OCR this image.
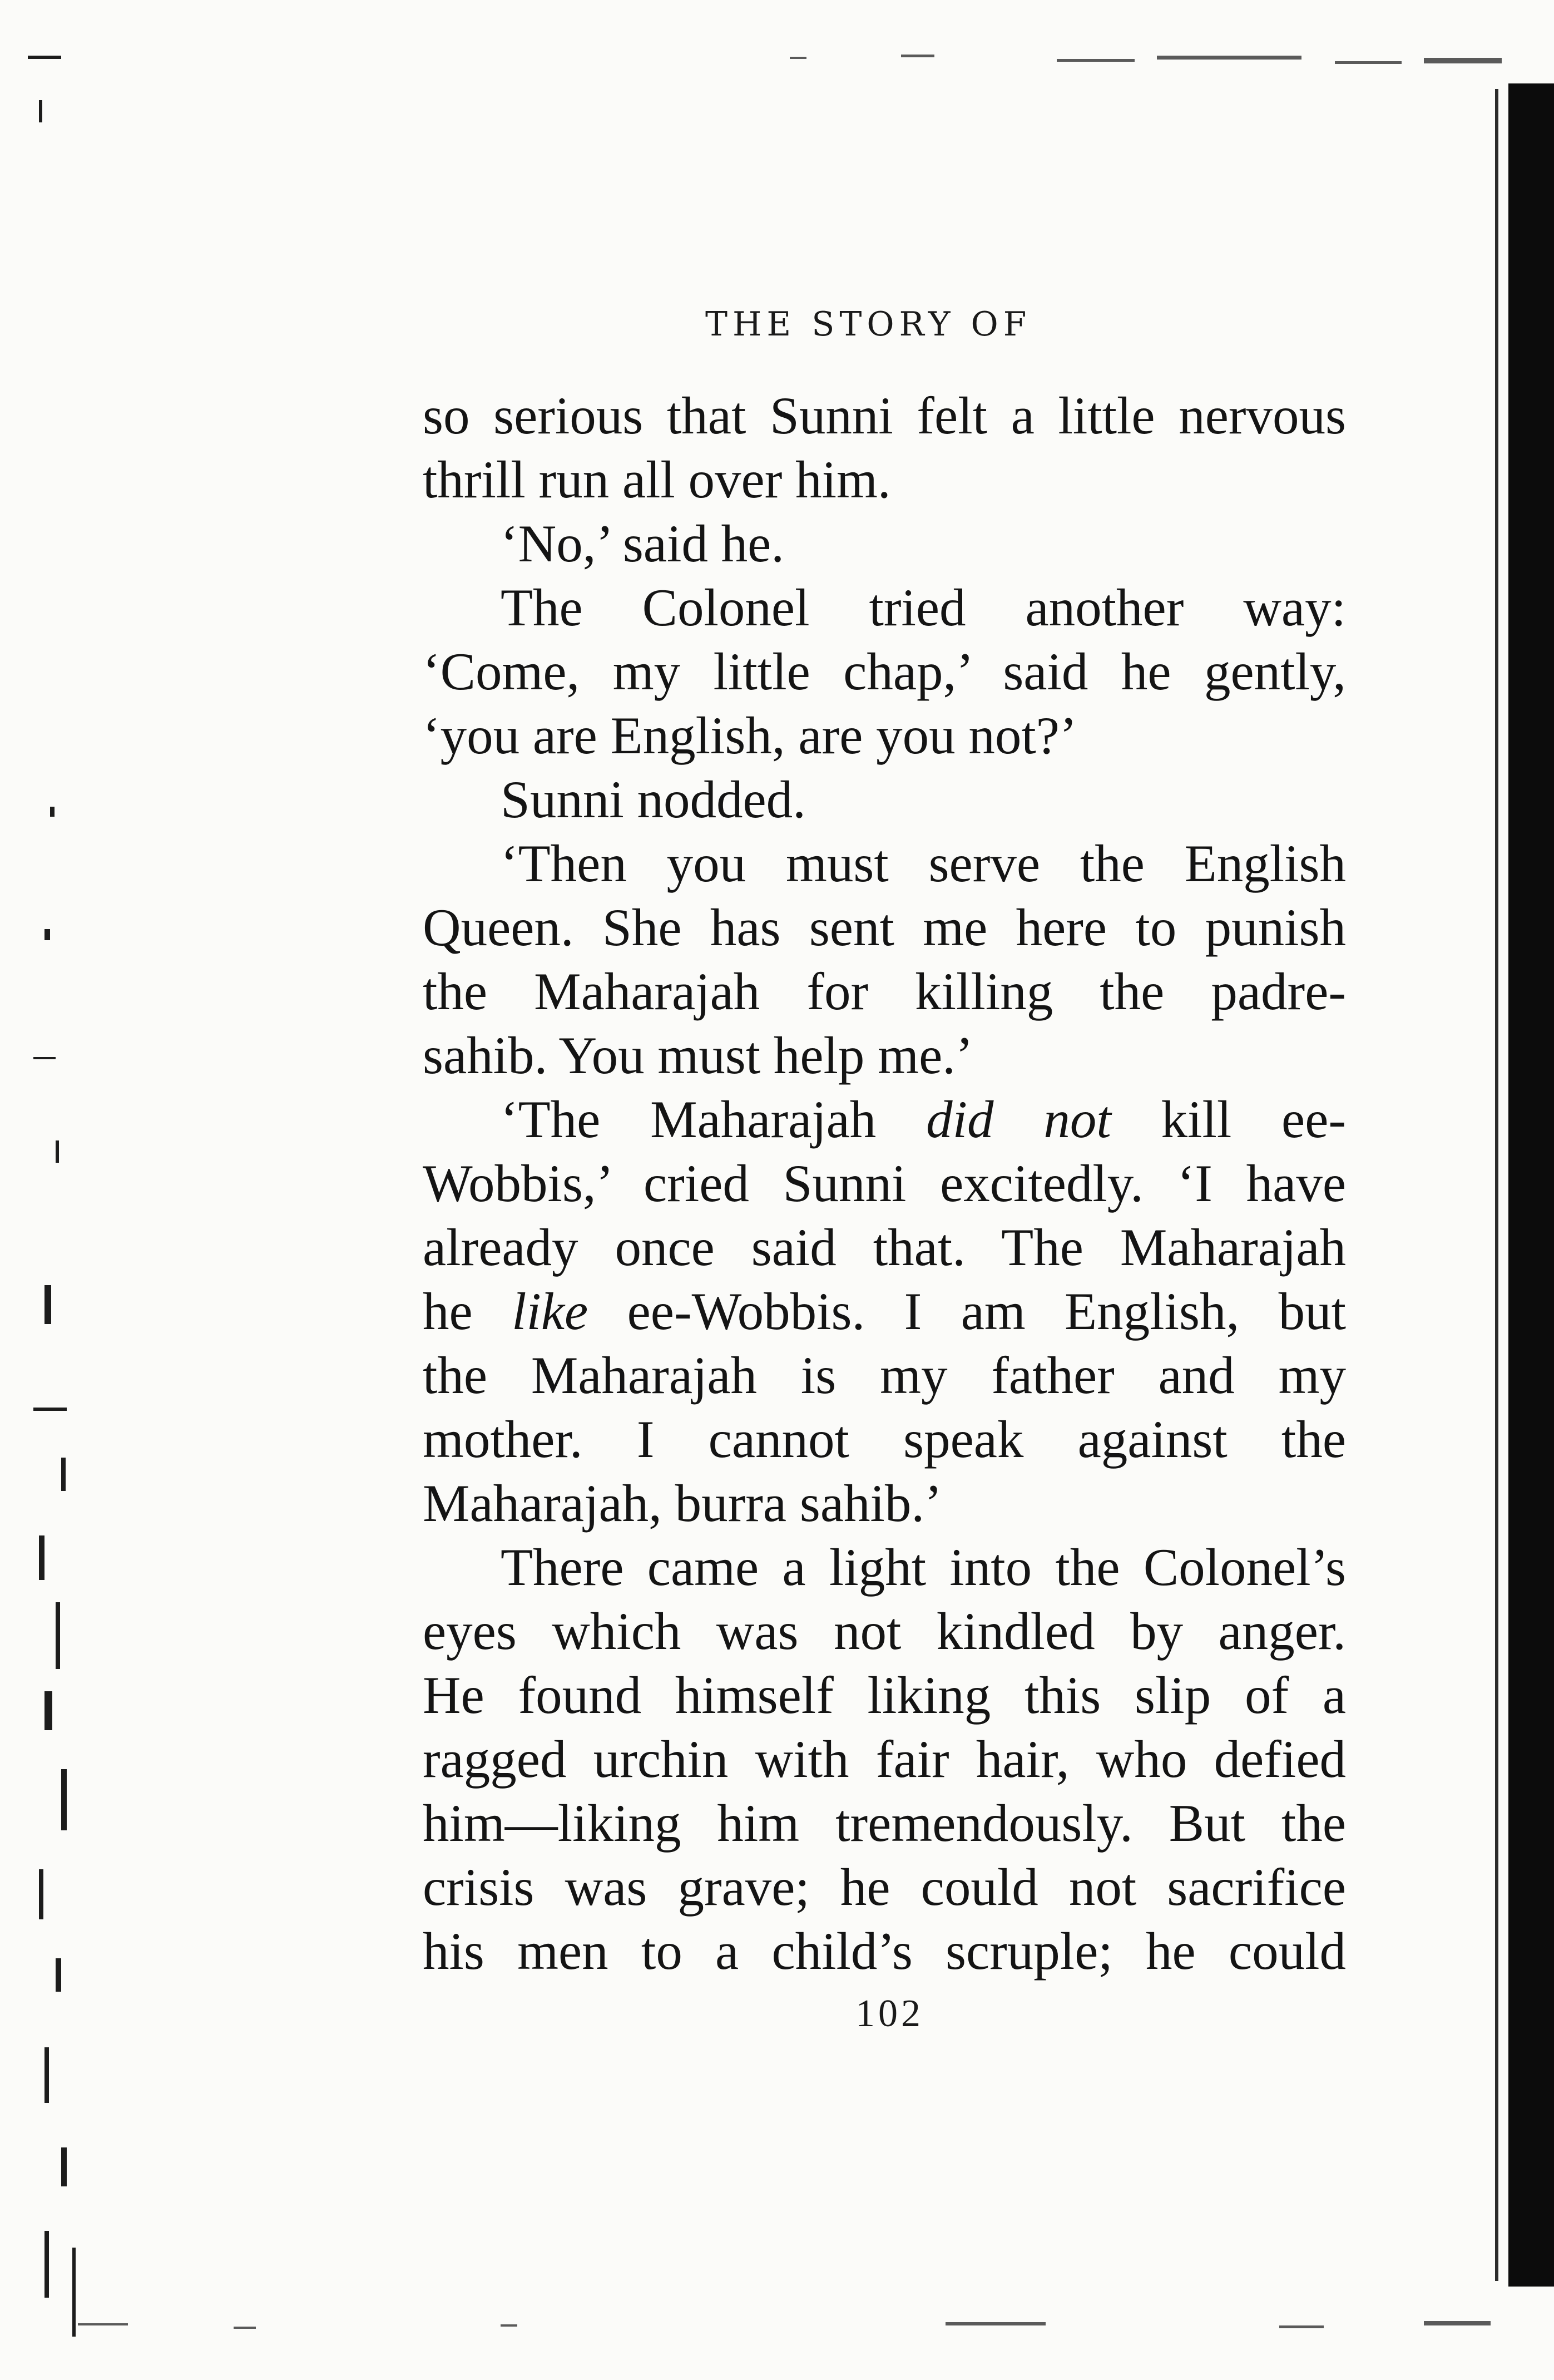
THE STORY OF
so serious that Sunni felt a little nervous
thrill run all over him.
‘No,’ said he.
The Colonel tried another way:
‘Come, my little chap,’ said he gently,
‘you are English, are you not?’
Sunni nodded.
‘Then you must serve the English
Queen. She has sent me here to punish
the Maharajah for killing the padre-
sahib. You must help me.’
‘The Maharajah did not kill ee-
Wobbis,’ cried Sunni excitedly. ‘I have
already once said that. The Maharajah
he like ee-Wobbis. I am English, but
the Maharajah is my father and my
mother. I cannot speak against the
Maharajah, burra sahib.’
There came a light into the Colonel’s
eyes which was not kindled by anger.
He found himself liking this slip of a
ragged urchin with fair hair, who defied
him—liking him tremendously. But the
crisis was grave; he could not sacrifice
his men to a child’s scruple; he could
102
